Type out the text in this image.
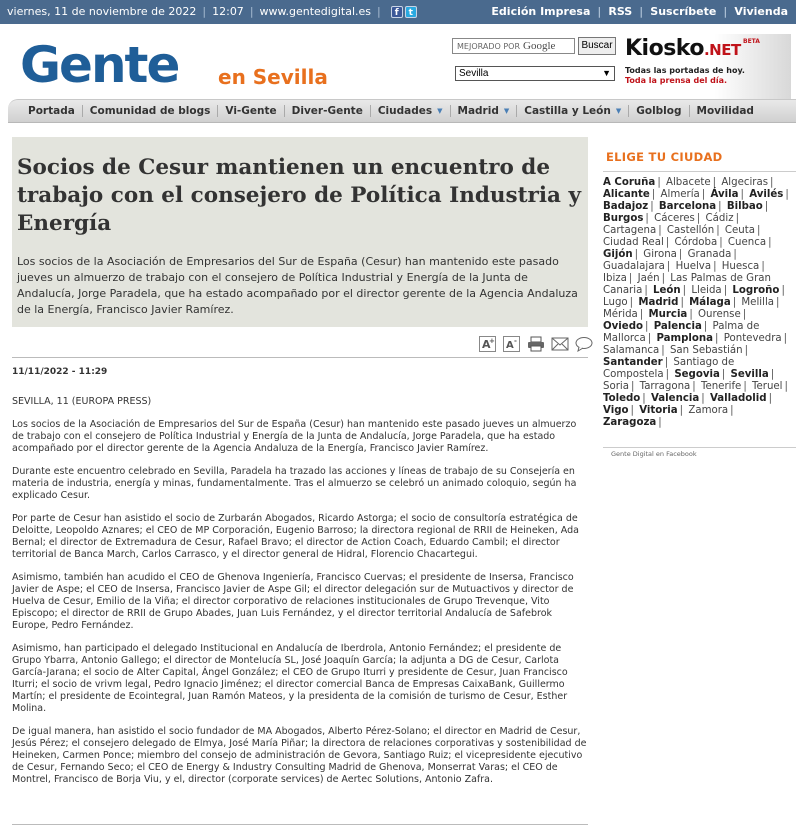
viernes, 11 de noviembre de 2022 | 12:07 | www.gentedigital.es |	f	t	Edición Impresa | RSS | Suscríbete | Vivienda
Gente en Sevilla
MEJORADO POR Google	Buscar
Sevilla	▼
Kiosko.NET BETA
Todas las portadas de hoy.
Toda la prensa del día.
Portada Comunidad de blogs Vi-Gente Diver-Gente Ciudades ▼ Madrid ▼ Castilla y León ▼ Golblog Movilidad
Socios de Cesur mantienen un encuentro de trabajo con el consejero de Política Industria y Energía

Los socios de la Asociación de Empresarios del Sur de España (Cesur) han mantenido este pasado jueves un almuerzo de trabajo con el consejero de Política Industrial y Energía de la Junta de Andalucía, Jorge Paradela, que ha estado acompañado por el director gerente de la Agencia Andaluza de la Energía, Francisco Javier Ramírez.

A
+ A -
11/11/2022 - 11:29

SEVILLA, 11 (EUROPA PRESS)

Los socios de la Asociación de Empresarios del Sur de España (Cesur) han mantenido este pasado jueves un almuerzo de trabajo con el consejero de Política Industrial y Energía de la Junta de Andalucía, Jorge Paradela, que ha estado acompañado por el director gerente de la Agencia Andaluza de la Energía, Francisco Javier Ramírez.

Durante este encuentro celebrado en Sevilla, Paradela ha trazado las acciones y líneas de trabajo de su Consejería en materia de industria, energía y minas, fundamentalmente. Tras el almuerzo se celebró un animado coloquio, según ha explicado Cesur.

Por parte de Cesur han asistido el socio de Zurbarán Abogados, Ricardo Astorga; el socio de consultoría estratégica de Deloitte, Leopoldo Aznares; el CEO de MP Corporación, Eugenio Barroso; la directora regional de RRII de Heineken, Ada Bernal; el director de Extremadura de Cesur, Rafael Bravo; el director de Action Coach, Eduardo Cambil; el director territorial de Banca March, Carlos Carrasco, y el director general de Hidral, Florencio Chacartegui.

Asimismo, también han acudido el CEO de Ghenova Ingeniería, Francisco Cuervas; el presidente de Insersa, Francisco Javier de Aspe; el CEO de Insersa, Francisco Javier de Aspe Gil; el director delegación sur de Mutuactivos y director de Huelva de Cesur, Emilio de la Viña; el director corporativo de relaciones institucionales de Grupo Trevenque, Vito Episcopo; el director de RRII de Grupo Abades, Juan Luis Fernández, y el director territorial Andalucía de Safebrok Europe, Pedro Fernández.

Asimismo, han participado el delegado Institucional en Andalucía de Iberdrola, Antonio Fernández; el presidente de Grupo Ybarra, Antonio Gallego; el director de Montelucía SL, José Joaquín García; la adjunta a DG de Cesur, Carlota García-Jarana; el socio de Alter Capital, Ángel González; el CEO de Grupo Iturri y presidente de Cesur, Juan Francisco Iturri; el socio de vrivm legal, Pedro Ignacio Jiménez; el director comercial Banca de Empresas CaixaBank, Guillermo Martín; el presidente de Ecointegral, Juan Ramón Mateos, y la presidenta de la comisión de turismo de Cesur, Esther Molina.

De igual manera, han asistido el socio fundador de MA Abogados, Alberto Pérez-Solano; el director en Madrid de Cesur, Jesús Pérez; el consejero delegado de Elmya, José María Piñar; la directora de relaciones corporativas y sostenibilidad de Heineken, Carmen Ponce; miembro del consejo de administración de Gevora, Santiago Ruiz; el vicepresidente ejecutivo de Cesur, Fernando Seco; el CEO de Energy & Industry Consulting Madrid de Ghenova, Monserrat Varas; el CEO de Montrel, Francisco de Borja Viu, y el, director (corporate services) de Aertec Solutions, Antonio Zafra.

ELIGE TU CIUDAD
A Coruña | Albacete | Algeciras | Alicante | Almería | Ávila | Avilés | Badajoz | Barcelona | Bilbao | Burgos | Cáceres | Cádiz | Cartagena | Castellón | Ceuta | Ciudad Real | Córdoba | Cuenca | Gijón | Girona | Granada | Guadalajara | Huelva | Huesca | Ibiza | Jaén | Las Palmas de Gran Canaria | León | Lleida | Logroño | Lugo | Madrid | Málaga | Melilla | Mérida | Murcia | Ourense | Oviedo | Palencia | Palma de Mallorca | Pamplona | Pontevedra | Salamanca | San Sebastián | Santander | Santiago de Compostela | Segovia | Sevilla | Soria | Tarragona | Tenerife | Teruel | Toledo | Valencia | Valladolid | Vigo | Vitoria | Zamora | Zaragoza |
Gente Digital en Facebook
